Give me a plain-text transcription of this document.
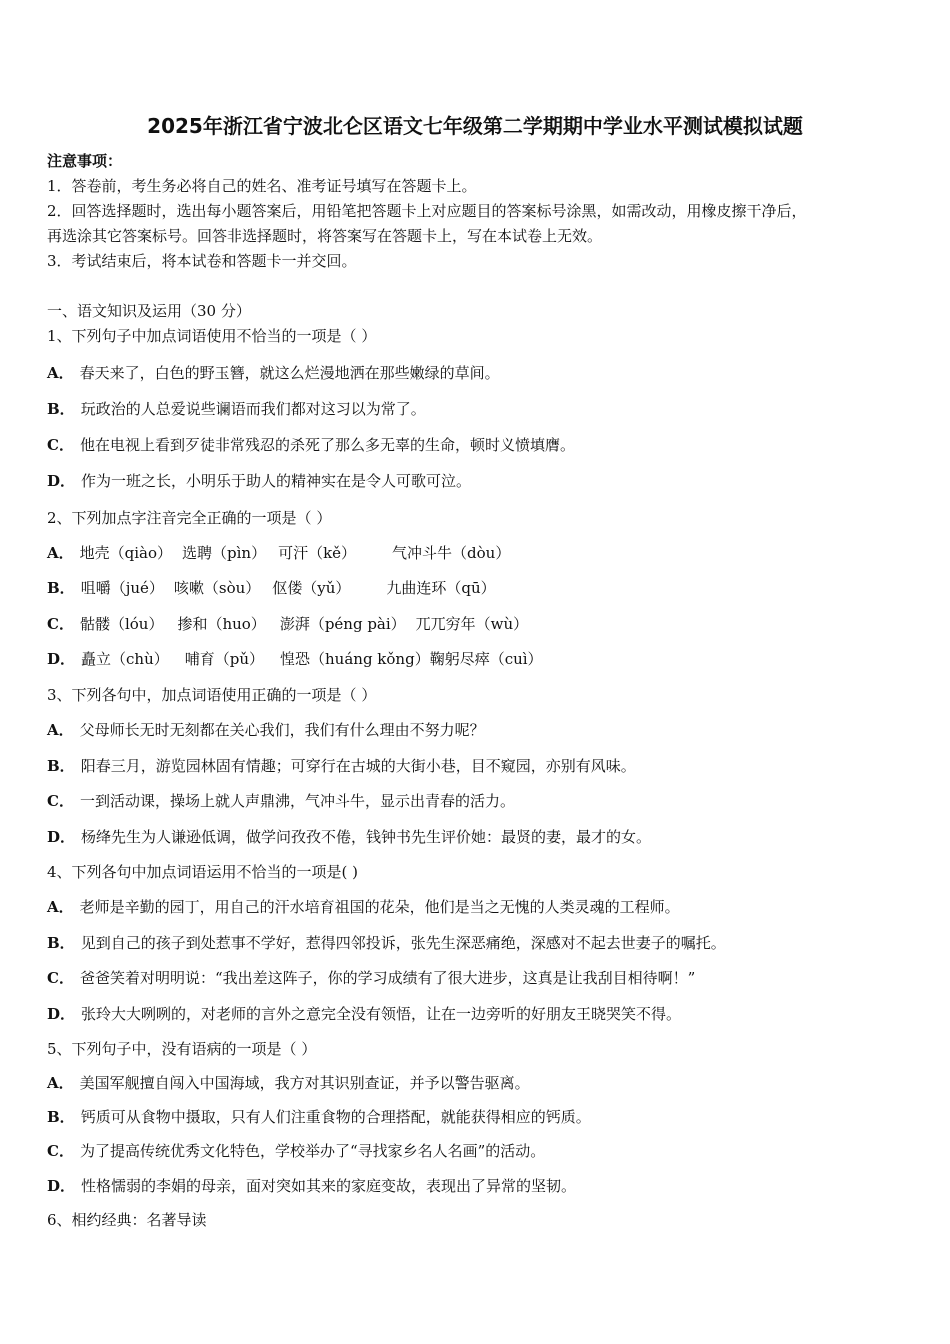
2025年浙江省宁波北仑区语文七年级第二学期期中学业水平测试模拟试题
注意事项：
1．答卷前，考生务必将自己的姓名、准考证号填写在答题卡上。
2．回答选择题时，选出每小题答案后，用铅笔把答题卡上对应题目的答案标号涂黑，如需改动，用橡皮擦干净后，
再选涂其它答案标号。回答非选择题时，将答案写在答题卡上，写在本试卷上无效。
3．考试结束后，将本试卷和答题卡一并交回。
一、语文知识及运用（30 分）
1、下列句子中加点词语使用不恰当的一项是（ ）
A． 春天来了，白色的野玉簪，就这么烂漫地洒在那些嫩绿的草间。
B． 玩政治的人总爱说些谰语而我们都对这习以为常了。
C． 他在电视上看到歹徒非常残忍的杀死了那么多无辜的生命，顿时义愤填膺。
D． 作为一班之长，小明乐于助人的精神实在是令人可歌可泣。
2、下列加点字注音完全正确的一项是（ ）
A． 地壳（qiào） 选聘（pìn） 可汗（kě） 气冲斗牛（dòu）
B． 咀嚼（jué） 咳嗽（sòu） 伛偻（yǔ） 九曲连环（qū）
C． 骷髅（lóu） 掺和（huo） 澎湃（péng pài） 兀兀穷年（wù）
D． 矗立（chù） 哺育（pǔ） 惶恐（huáng kǒng）鞠躬尽瘁（cuì）
3、下列各句中，加点词语使用正确的一项是（ ）
A． 父母师长无时无刻都在关心我们，我们有什么理由不努力呢？
B． 阳春三月，游览园林固有情趣；可穿行在古城的大街小巷，目不窥园，亦别有风味。
C． 一到活动课，操场上就人声鼎沸，气冲斗牛，显示出青春的活力。
D． 杨绛先生为人谦逊低调，做学问孜孜不倦，钱钟书先生评价她：最贤的妻，最才的女。
4、下列各句中加点词语运用不恰当的一项是( )
A． 老师是辛勤的园丁，用自己的汗水培育祖国的花朵，他们是当之无愧的人类灵魂的工程师。
B． 见到自己的孩子到处惹事不学好，惹得四邻投诉，张先生深恶痛绝，深感对不起去世妻子的嘱托。
C． 爸爸笑着对明明说：“我出差这阵子，你的学习成绩有了很大进步，这真是让我刮目相待啊！”
D． 张玲大大咧咧的，对老师的言外之意完全没有领悟，让在一边旁听的好朋友王晓哭笑不得。
5、下列句子中，没有语病的一项是（ ）
A． 美国军舰擅自闯入中国海域，我方对其识别查证，并予以警告驱离。
B． 钙质可从食物中摄取，只有人们注重食物的合理搭配，就能获得相应的钙质。
C． 为了提高传统优秀文化特色，学校举办了“寻找家乡名人名画”的活动。
D． 性格懦弱的李娟的母亲，面对突如其来的家庭变故，表现出了异常的坚韧。
6、相约经典：名著导读
